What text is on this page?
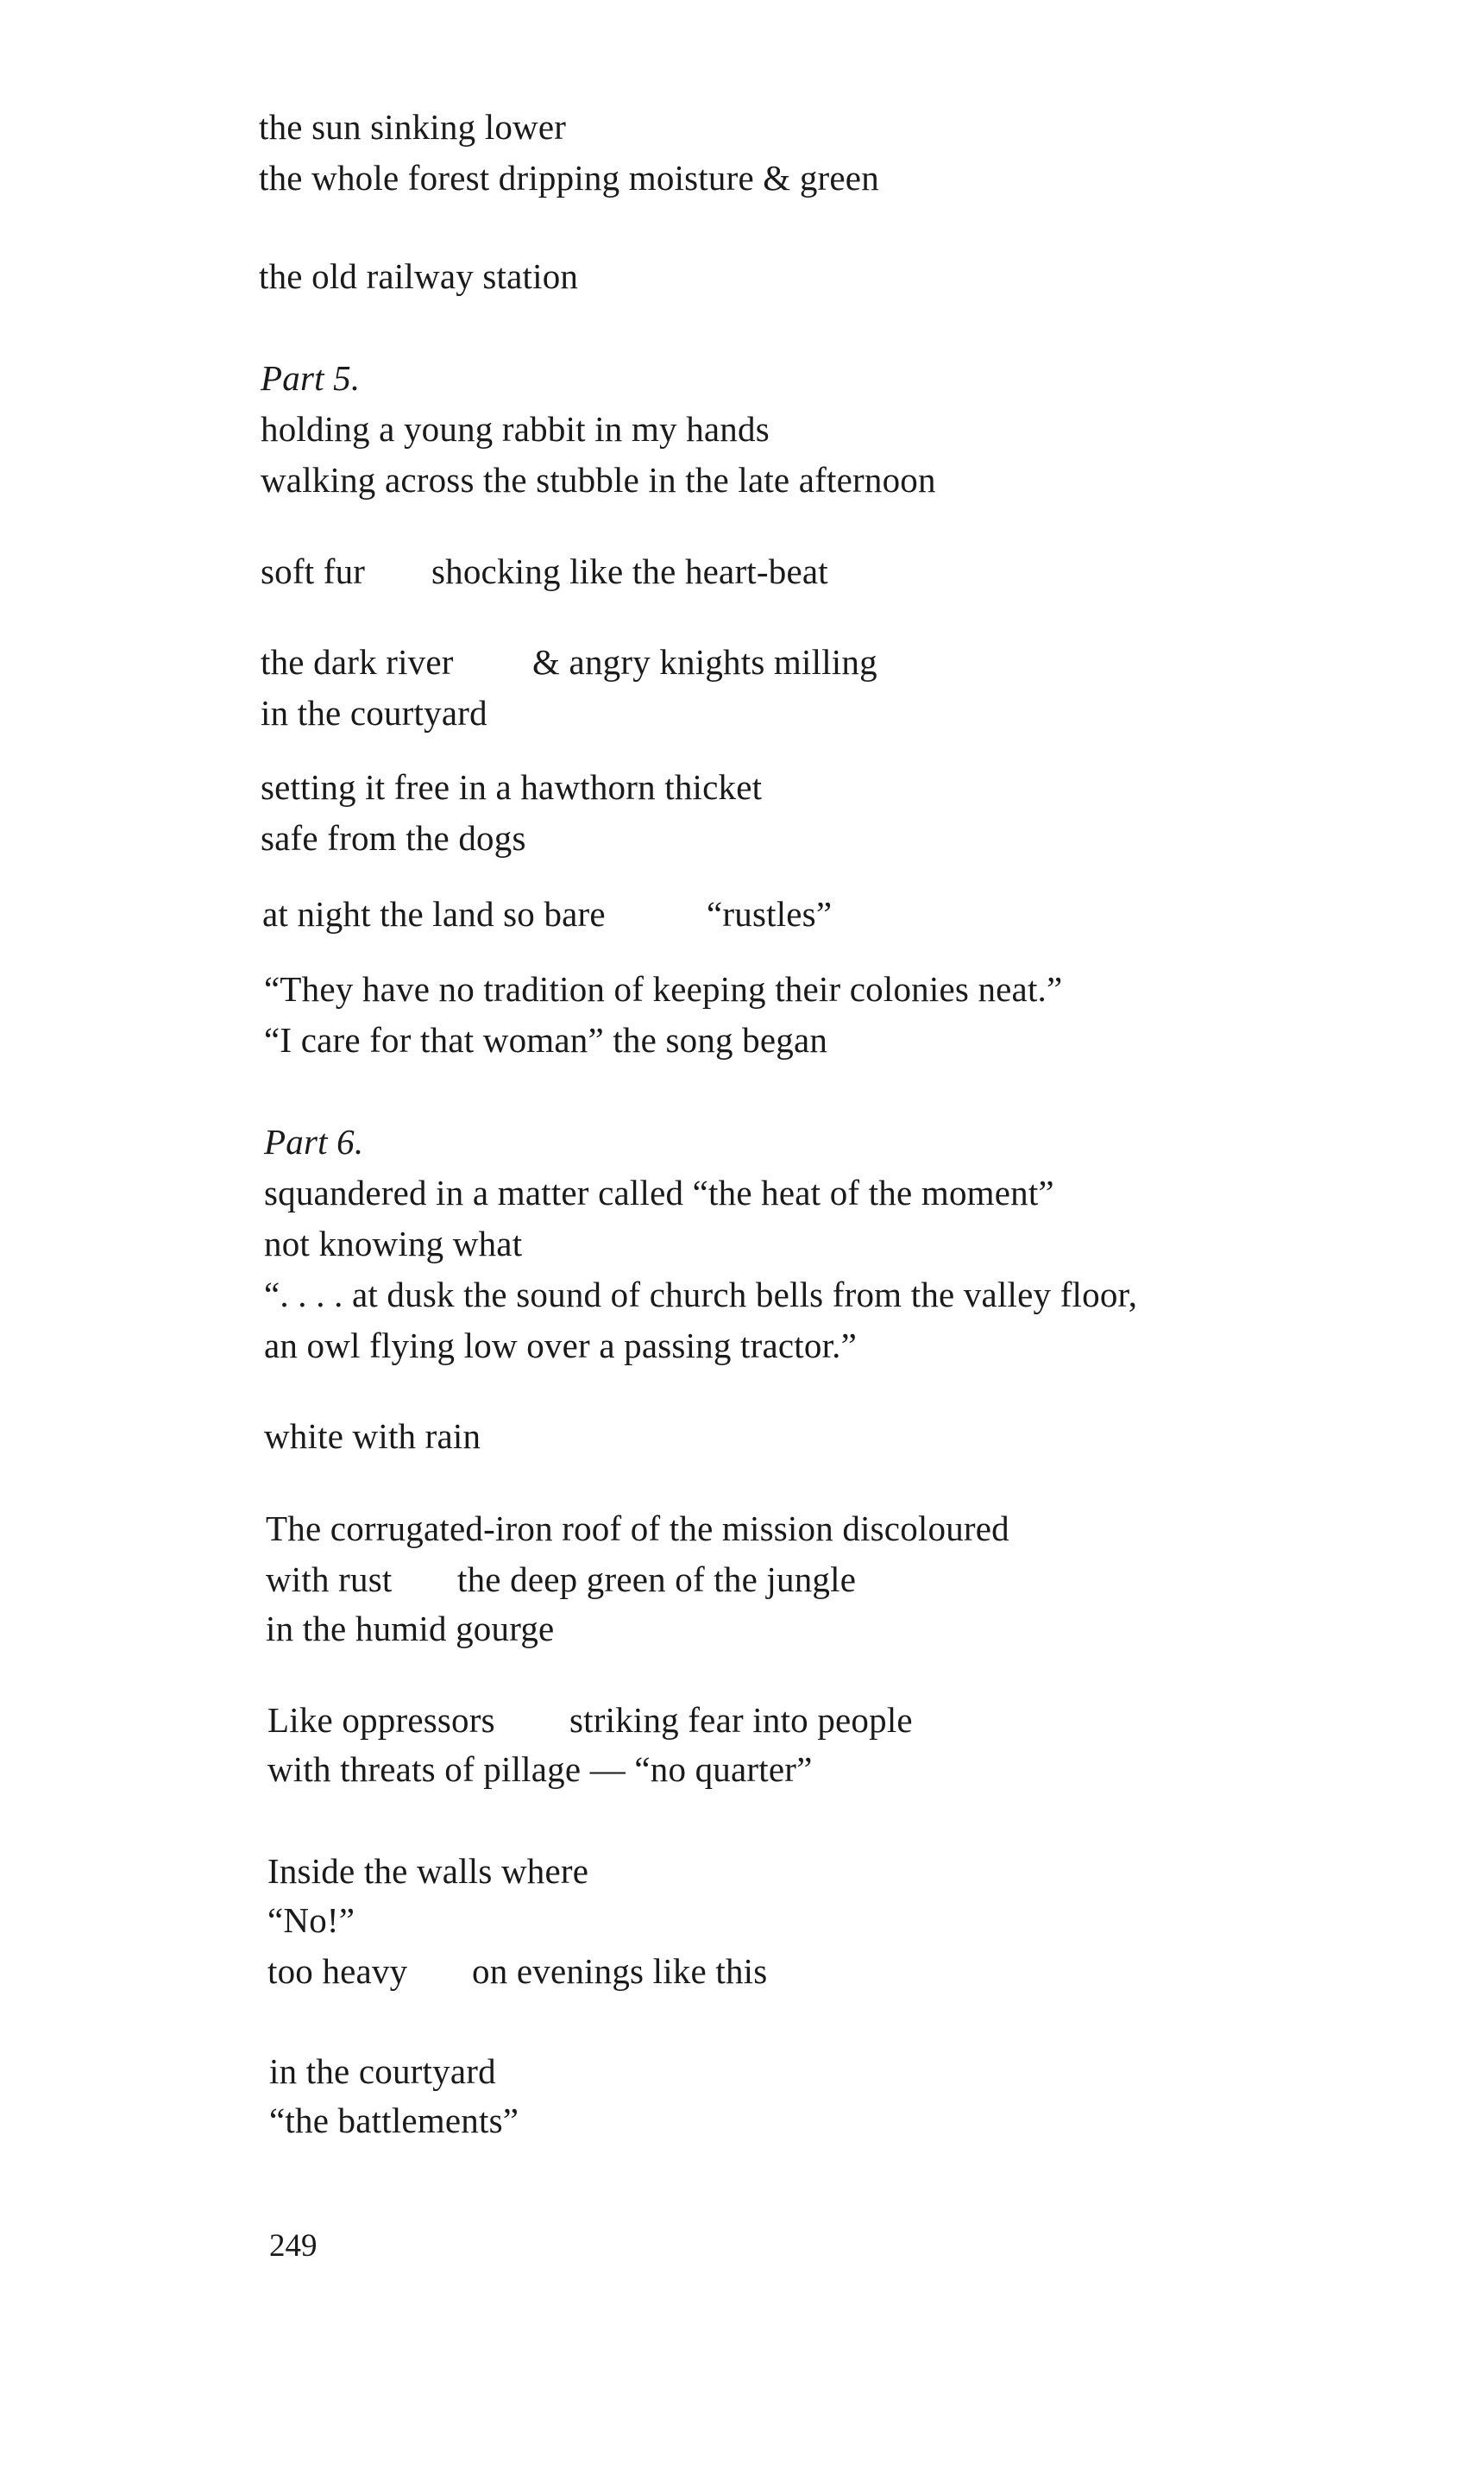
the sun sinking lower
the whole forest dripping moisture & green
the old railway station
Part 5.
holding a young rabbit in my hands
walking across the stubble in the late afternoon
soft fur shocking like the heart-beat
the dark river & angry knights milling
in the courtyard
setting it free in a hawthorn thicket
safe from the dogs
at night the land so bare	“rustles”
“They have no tradition of keeping their colonies neat.”
“I care for that woman” the song began
Part 6.
squandered in a matter called “the heat of the moment”
not knowing what
“. . . . at dusk the sound of church bells from the valley floor,
an owl flying low over a passing tractor.”
white with rain
The corrugated-iron roof of the mission discoloured
with rust the deep green of the jungle
in the humid gourge
Like oppressors striking fear into people
with threats of pillage — “no quarter”
Inside the walls where
“No!”
too heavy on evenings like this
in the courtyard
“the battlements”
249
